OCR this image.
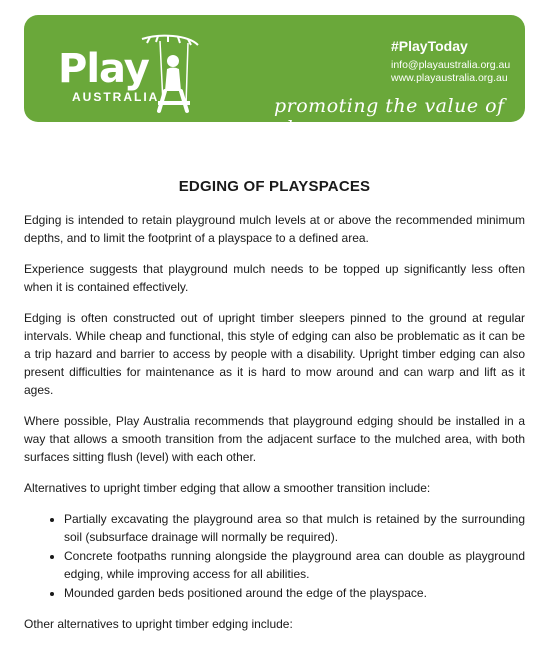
Play
AUSTRALIA
#PlayToday
info@playaustralia.org.au
www.playaustralia.org.au
promoting the value of play
EDGING OF PLAYSPACES

Edging is intended to retain playground mulch levels at or above the recommended minimum depths, and to limit the footprint of a playspace to a defined area.

Experience suggests that playground mulch needs to be topped up significantly less often when it is contained effectively.

Edging is often constructed out of upright timber sleepers pinned to the ground at regular intervals. While cheap and functional, this style of edging can also be problematic as it can be a trip hazard and barrier to access by people with a disability. Upright timber edging can also present difficulties for maintenance as it is hard to mow around and can warp and lift as it ages.

Where possible, Play Australia recommends that playground edging should be installed in a way that allows a smooth transition from the adjacent surface to the mulched area, with both surfaces sitting flush (level) with each other.

Alternatives to upright timber edging that allow a smoother transition include:

• Partially excavating the playground area so that mulch is retained by the surrounding soil (subsurface drainage will normally be required).
• Concrete footpaths running alongside the playground area can double as playground edging, while improving access for all abilities.
• Mounded garden beds positioned around the edge of the playspace.

Other alternatives to upright timber edging include:
